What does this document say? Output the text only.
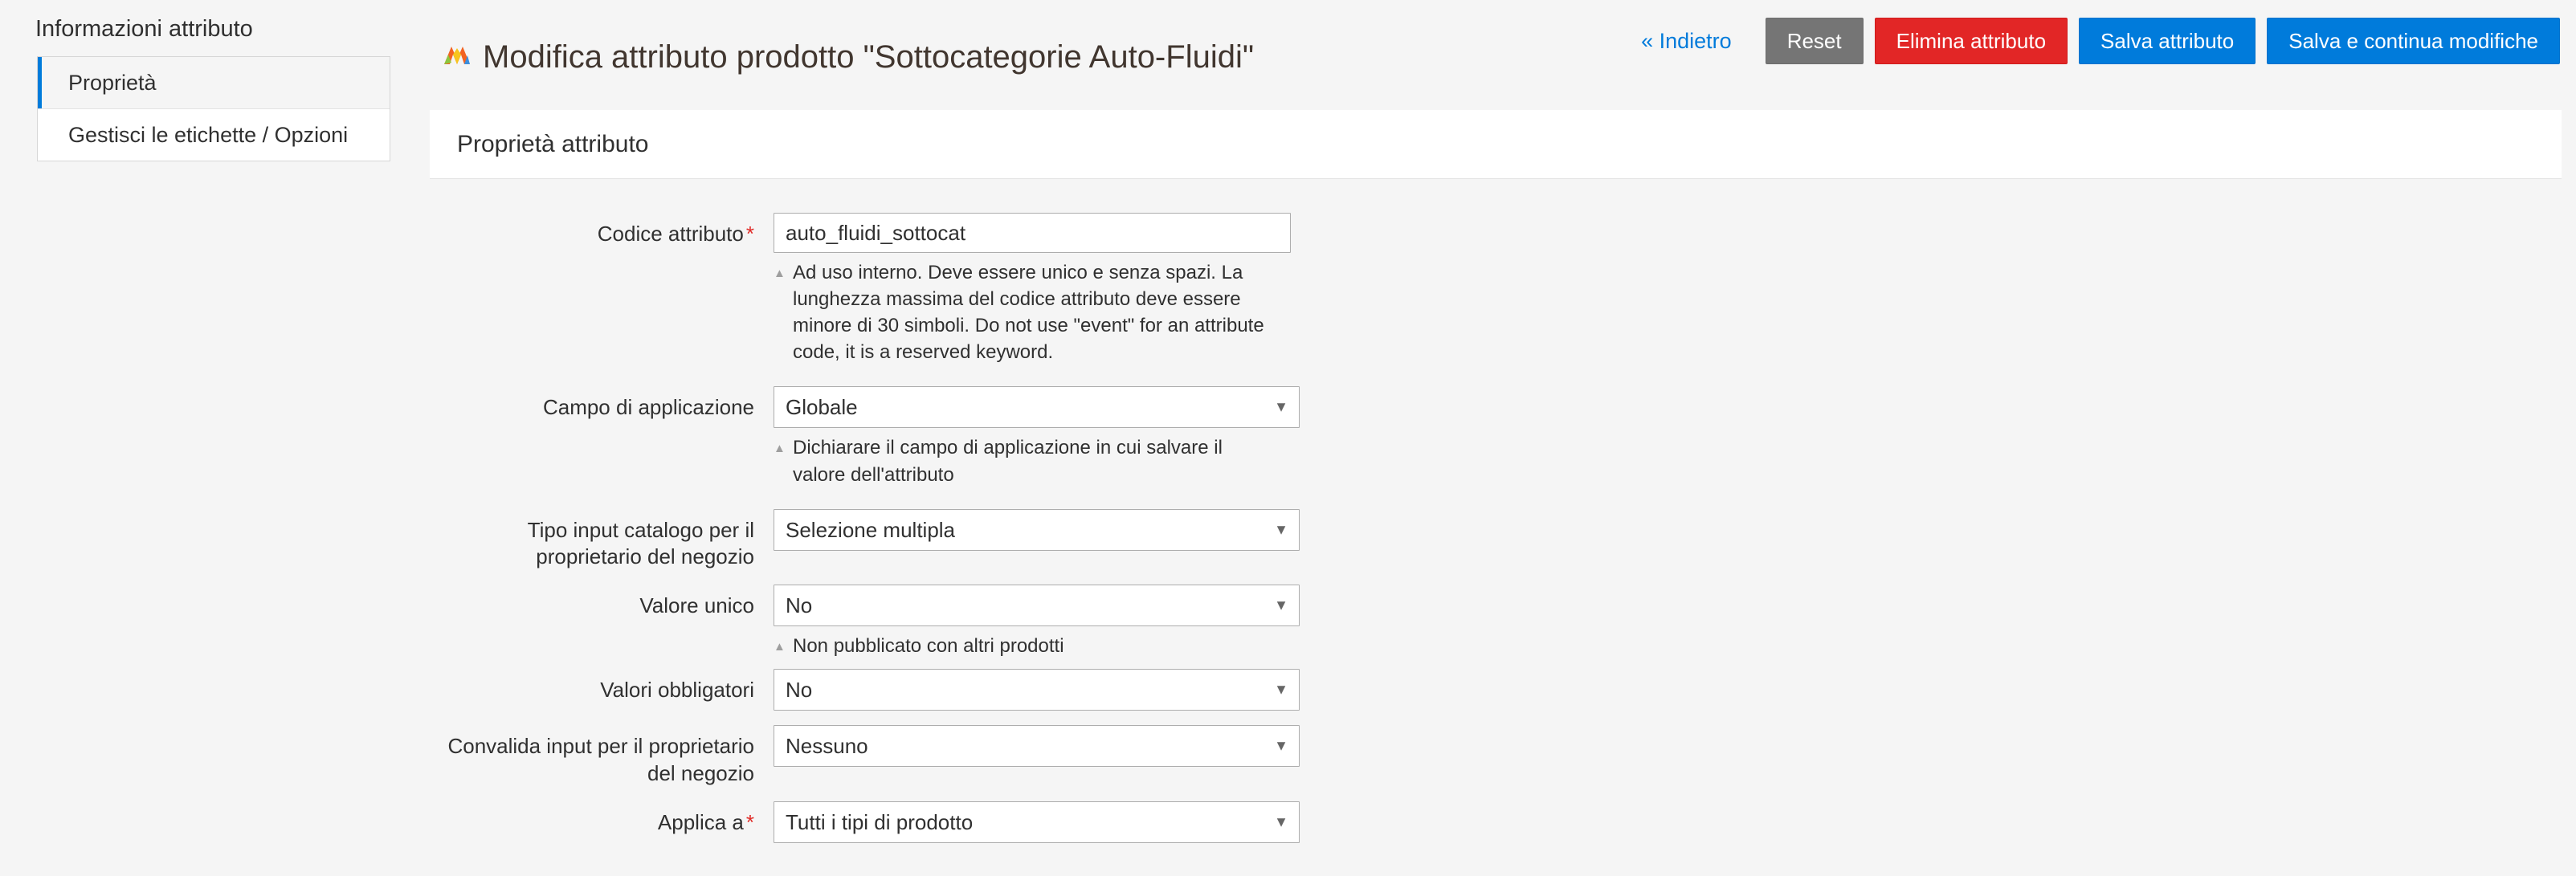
Informazioni attributo
Proprietà
Gestisci le etichette / Opzioni
Modifica attributo prodotto "Sottocategorie Auto-Fluidi"	« Indietro	Reset	Elimina attributo	Salva attributo	Salva e continua modifiche
Proprietà attributo
Codice attributo *
auto_fluidi_sottocat
▲ Ad uso interno. Deve essere unico e senza spazi. La lunghezza massima del codice attributo deve essere minore di 30 simboli. Do not use "event" for an attribute code, it is a reserved keyword.
Campo di applicazione
Globale	▼
▲ Dichiarare il campo di applicazione in cui salvare il valore dell'attributo
Tipo input catalogo per il proprietario del negozio
Selezione multipla
▼
Valore unico
No	▼
▲ Non pubblicato con altri prodotti
Valori obbligatori
No	▼
Convalida input per il proprietario del negozio
Nessuno
▼
Applica a *
Tutti i tipi di prodotto	▼
